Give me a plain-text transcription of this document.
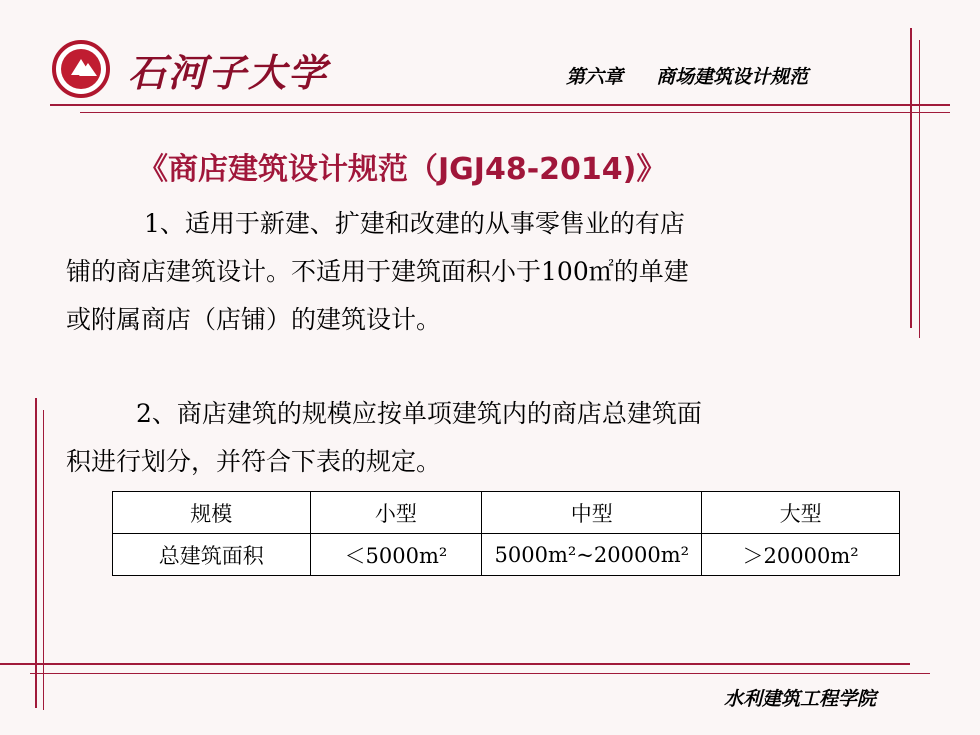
石河子大学	第六章     商场建筑设计规范
《商店建筑设计规范（JGJ48-2014)》
1、适用于新建、扩建和改建的从事零售业的有店
铺的商店建筑设计。不适用于建筑面积小于100㎡的单建
或附属商店（店铺）的建筑设计。
2、商店建筑的规模应按单项建筑内的商店总建筑面
积进行划分，并符合下表的规定。
规模	小型	中型	大型
总建筑面积	＜5000m²	5000m²~20000m²	＞20000m²
水利建筑工程学院
